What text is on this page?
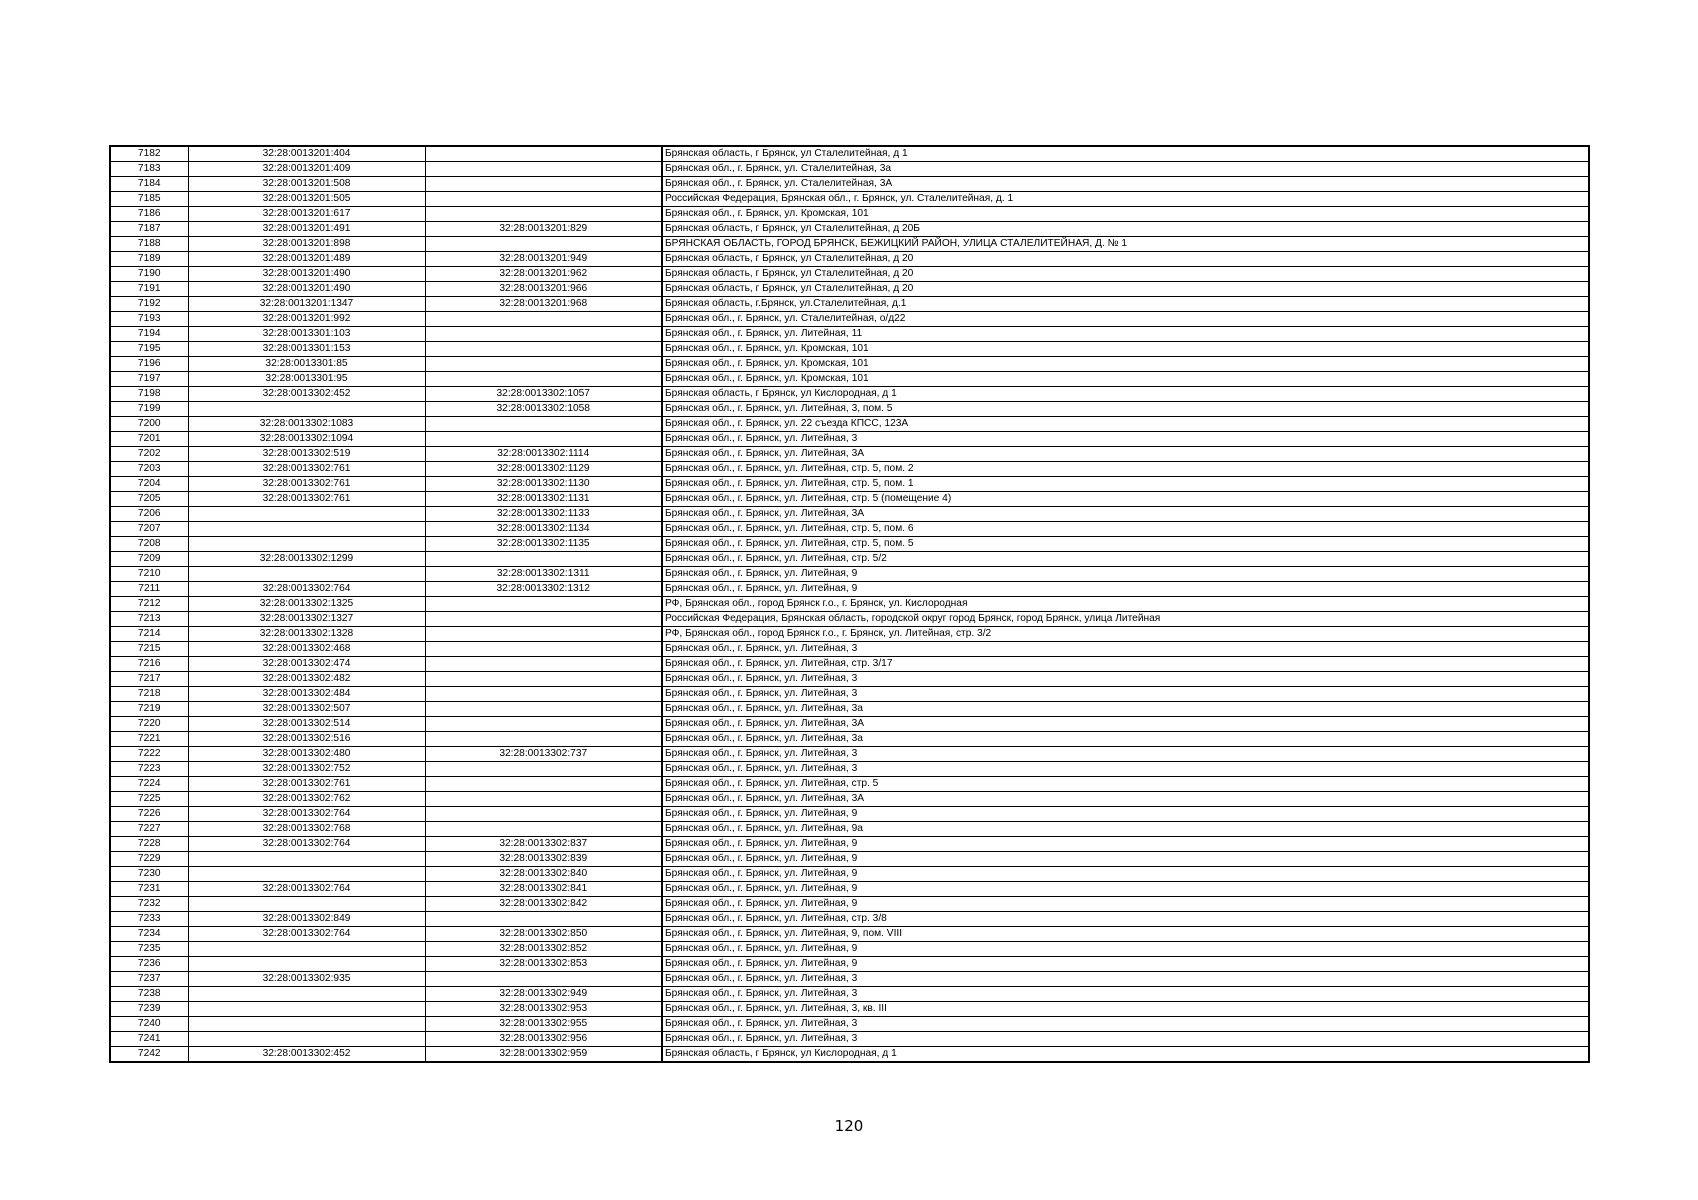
7182	32:28:0013201:404		Брянская область, г Брянск, ул Сталелитейная, д 1
7183	32:28:0013201:409		Брянская обл., г. Брянск, ул. Сталелитейная, 3а
7184	32:28:0013201:508		Брянская обл., г. Брянск, ул. Сталелитейная, 3А
7185	32:28:0013201:505		Российская Федерация, Брянская обл., г. Брянск, ул. Сталелитейная, д. 1
7186	32:28:0013201:617		Брянская обл., г. Брянск, ул. Кромская, 101
7187	32:28:0013201:491	32:28:0013201:829	Брянская область, г Брянск, ул Сталелитейная, д 20Б
7188	32:28:0013201:898		БРЯНСКАЯ ОБЛАСТЬ, ГОРОД БРЯНСК, БЕЖИЦКИЙ РАЙОН, УЛИЦА СТАЛЕЛИТЕЙНАЯ, Д. № 1
7189	32:28:0013201:489	32:28:0013201:949	Брянская область, г Брянск, ул Сталелитейная, д 20
7190	32:28:0013201:490	32:28:0013201:962	Брянская область, г Брянск, ул Сталелитейная, д 20
7191	32:28:0013201:490	32:28:0013201:966	Брянская область, г Брянск, ул Сталелитейная, д 20
7192	32:28:0013201:1347	32:28:0013201:968	Брянская область, г.Брянск, ул.Сталелитейная, д.1
7193	32:28:0013201:992		Брянская обл., г. Брянск, ул. Сталелитейная, о/д22
7194	32:28:0013301:103		Брянская обл., г. Брянск, ул. Литейная, 11
7195	32:28:0013301:153		Брянская обл., г. Брянск, ул. Кромская, 101
7196	32:28:0013301:85		Брянская обл., г. Брянск, ул. Кромская, 101
7197	32:28:0013301:95		Брянская обл., г. Брянск, ул. Кромская, 101
7198	32:28:0013302:452	32:28:0013302:1057	Брянская область, г Брянск, ул Кислородная, д 1
7199		32:28:0013302:1058	Брянская обл., г. Брянск, ул. Литейная, 3, пом. 5
7200	32:28:0013302:1083		Брянская обл., г. Брянск, ул. 22 съезда КПСС, 123А
7201	32:28:0013302:1094		Брянская обл., г. Брянск, ул. Литейная, 3
7202	32:28:0013302:519	32:28:0013302:1114	Брянская обл., г. Брянск, ул. Литейная, 3А
7203	32:28:0013302:761	32:28:0013302:1129	Брянская обл., г. Брянск, ул. Литейная, стр. 5, пом. 2
7204	32:28:0013302:761	32:28:0013302:1130	Брянская обл., г. Брянск, ул. Литейная, стр. 5, пом. 1
7205	32:28:0013302:761	32:28:0013302:1131	Брянская обл., г. Брянск, ул. Литейная, стр. 5 (помещение 4)
7206		32:28:0013302:1133	Брянская обл., г. Брянск, ул. Литейная, 3А
7207		32:28:0013302:1134	Брянская обл., г. Брянск, ул. Литейная, стр. 5, пом. 6
7208		32:28:0013302:1135	Брянская обл., г. Брянск, ул. Литейная, стр. 5, пом. 5
7209	32:28:0013302:1299		Брянская обл., г. Брянск, ул. Литейная, стр. 5/2
7210		32:28:0013302:1311	Брянская обл., г. Брянск, ул. Литейная, 9
7211	32:28:0013302:764	32:28:0013302:1312	Брянская обл., г. Брянск, ул. Литейная, 9
7212	32:28:0013302:1325		РФ, Брянская обл., город Брянск г.о., г. Брянск, ул. Кислородная
7213	32:28:0013302:1327		Российская Федерация, Брянская область, городской округ город Брянск, город Брянск, улица Литейная
7214	32:28:0013302:1328		РФ, Брянская обл., город Брянск г.о., г. Брянск, ул. Литейная, стр. 3/2
7215	32:28:0013302:468		Брянская обл., г. Брянск, ул. Литейная, 3
7216	32:28:0013302:474		Брянская обл., г. Брянск, ул. Литейная, стр. 3/17
7217	32:28:0013302:482		Брянская обл., г. Брянск, ул. Литейная, 3
7218	32:28:0013302:484		Брянская обл., г. Брянск, ул. Литейная, 3
7219	32:28:0013302:507		Брянская обл., г. Брянск, ул. Литейная, 3а
7220	32:28:0013302:514		Брянская обл., г. Брянск, ул. Литейная, 3А
7221	32:28:0013302:516		Брянская обл., г. Брянск, ул. Литейная, 3а
7222	32:28:0013302:480	32:28:0013302:737	Брянская обл., г. Брянск, ул. Литейная, 3
7223	32:28:0013302:752		Брянская обл., г. Брянск, ул. Литейная, 3
7224	32:28:0013302:761		Брянская обл., г. Брянск, ул. Литейная, стр. 5
7225	32:28:0013302:762		Брянская обл., г. Брянск, ул. Литейная, 3А
7226	32:28:0013302:764		Брянская обл., г. Брянск, ул. Литейная, 9
7227	32:28:0013302:768		Брянская обл., г. Брянск, ул. Литейная, 9а
7228	32:28:0013302:764	32:28:0013302:837	Брянская обл., г. Брянск, ул. Литейная, 9
7229		32:28:0013302:839	Брянская обл., г. Брянск, ул. Литейная, 9
7230		32:28:0013302:840	Брянская обл., г. Брянск, ул. Литейная, 9
7231	32:28:0013302:764	32:28:0013302:841	Брянская обл., г. Брянск, ул. Литейная, 9
7232		32:28:0013302:842	Брянская обл., г. Брянск, ул. Литейная, 9
7233	32:28:0013302:849		Брянская обл., г. Брянск, ул. Литейная, стр. 3/8
7234	32:28:0013302:764	32:28:0013302:850	Брянская обл., г. Брянск, ул. Литейная, 9, пом. VIII
7235		32:28:0013302:852	Брянская обл., г. Брянск, ул. Литейная, 9
7236		32:28:0013302:853	Брянская обл., г. Брянск, ул. Литейная, 9
7237	32:28:0013302:935		Брянская обл., г. Брянск, ул. Литейная, 3
7238		32:28:0013302:949	Брянская обл., г. Брянск, ул. Литейная, 3
7239		32:28:0013302:953	Брянская обл., г. Брянск, ул. Литейная, 3, кв. III
7240		32:28:0013302:955	Брянская обл., г. Брянск, ул. Литейная, 3
7241		32:28:0013302:956	Брянская обл., г. Брянск, ул. Литейная, 3
7242	32:28:0013302:452	32:28:0013302:959	Брянская область, г Брянск, ул Кислородная, д 1
120
